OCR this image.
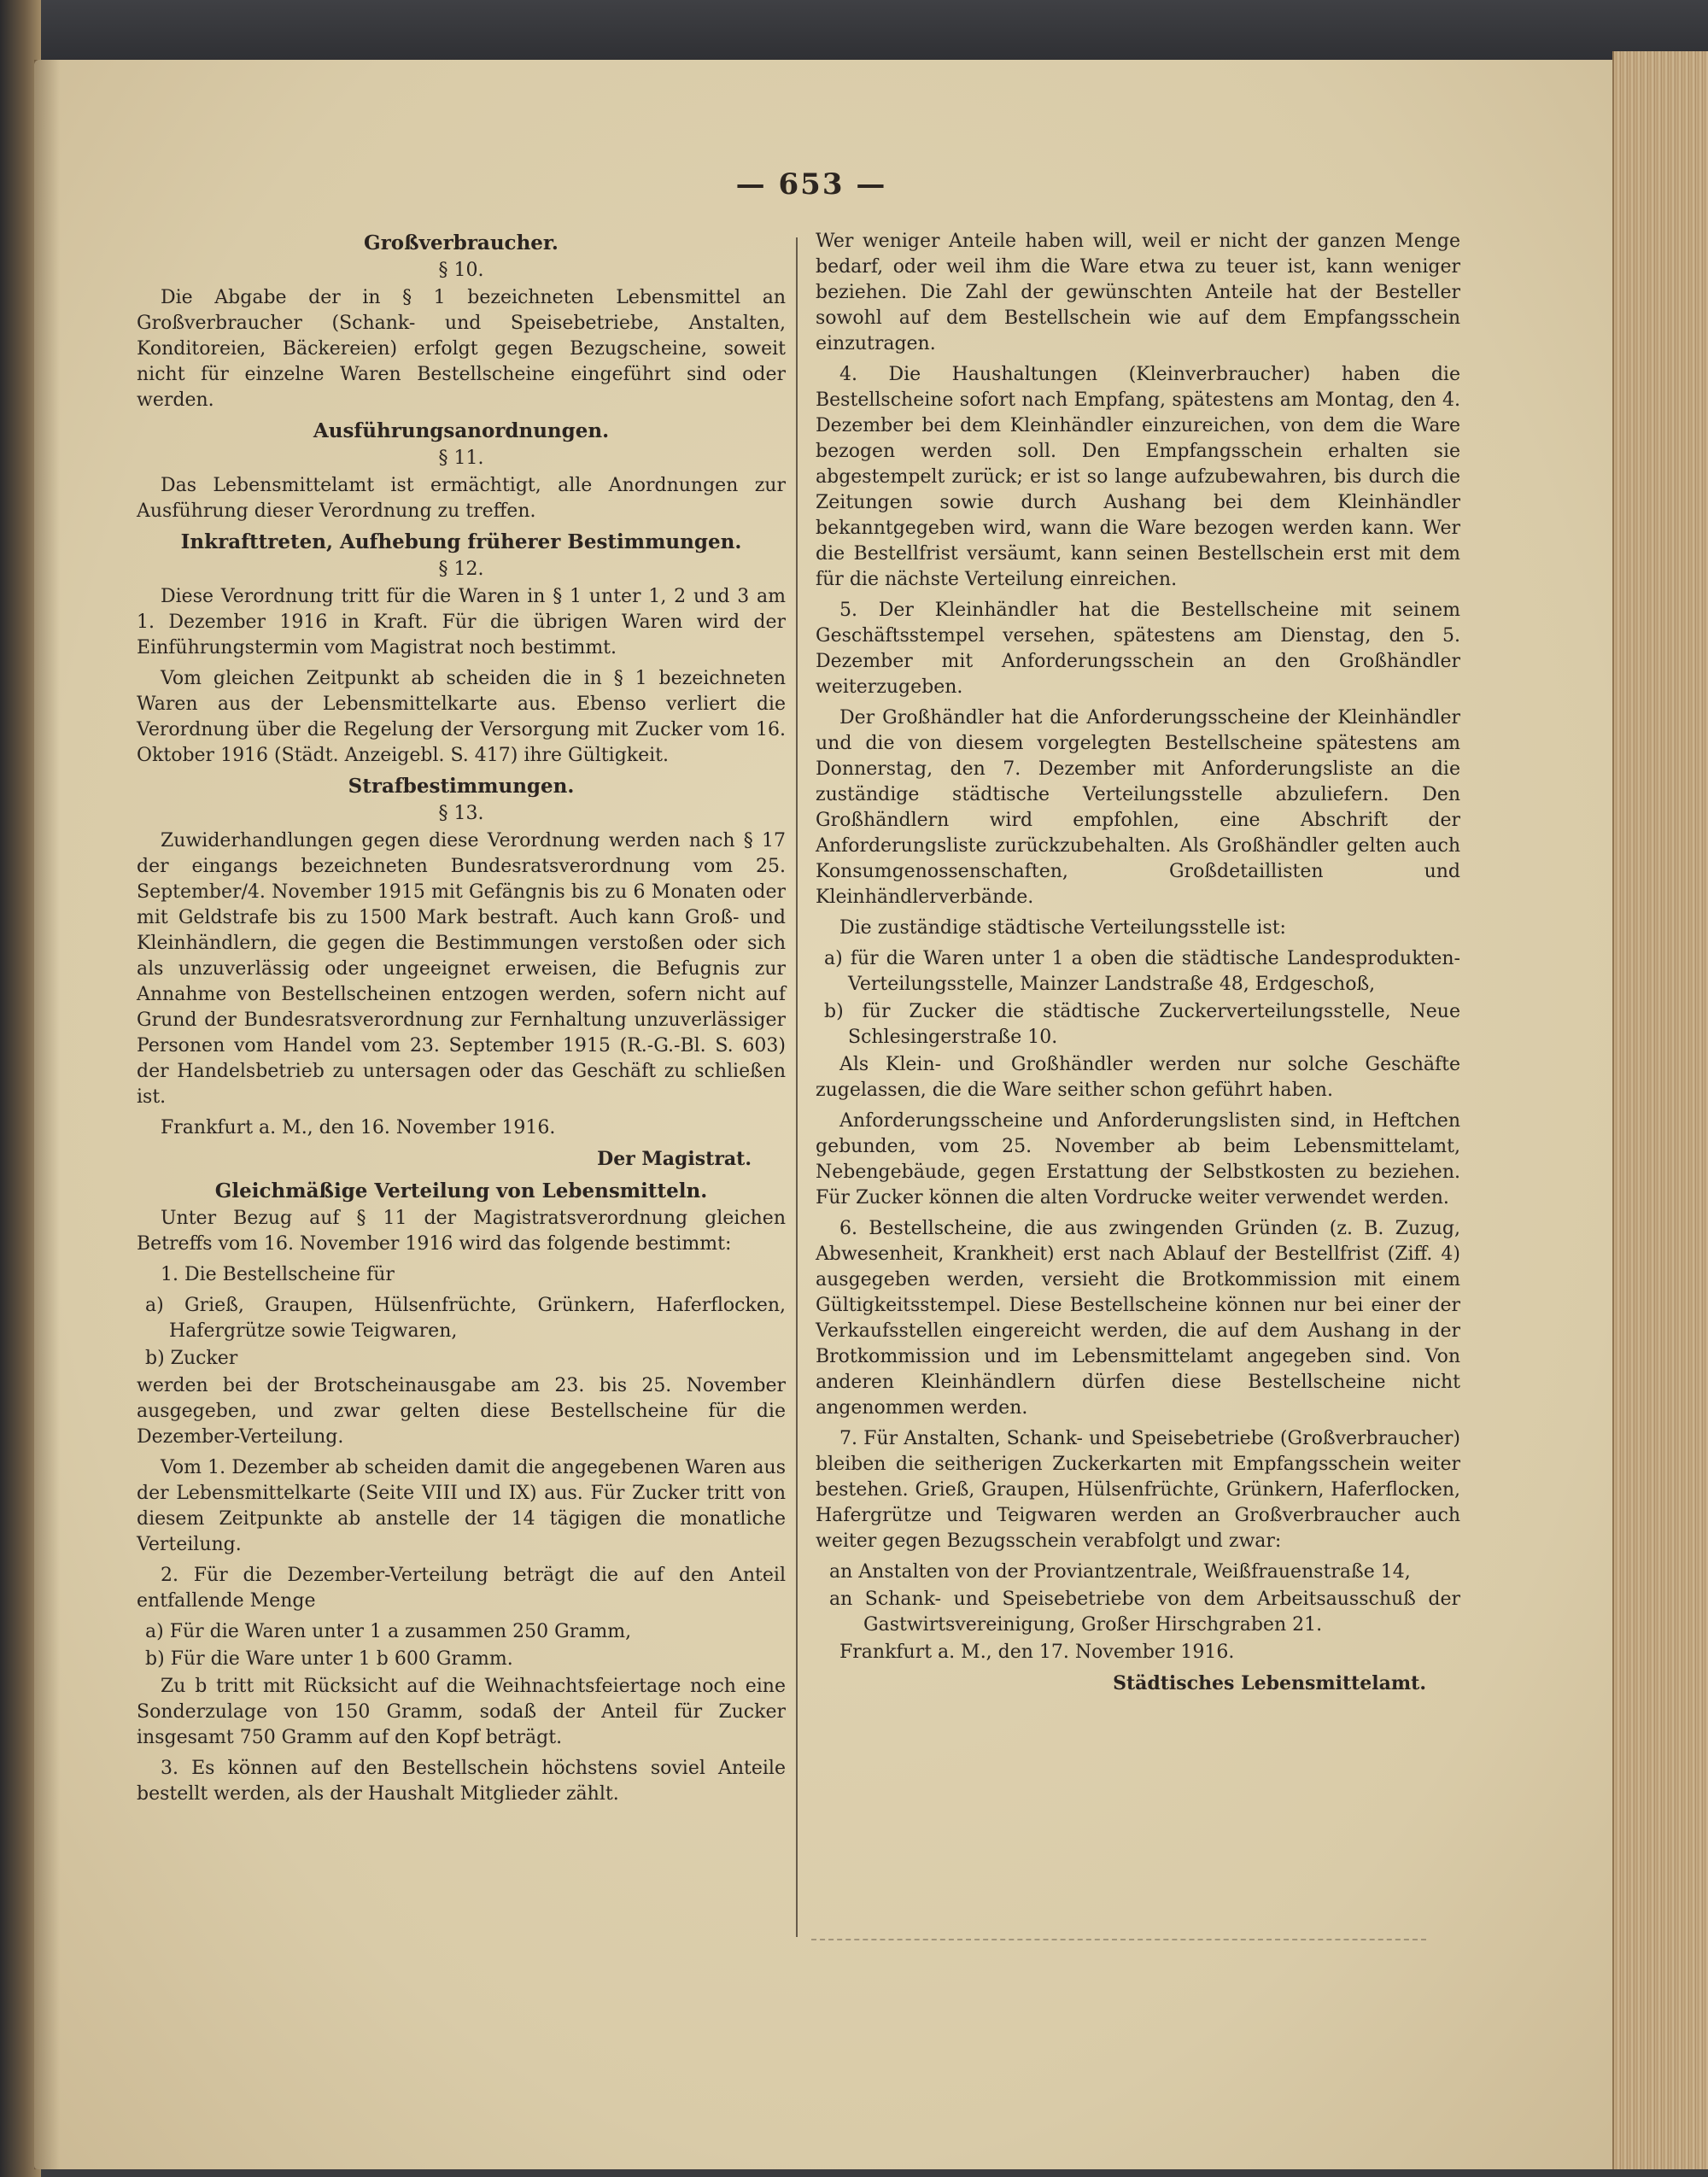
— 653 —
Großverbraucher.
§ 10.

Die Abgabe der in § 1 bezeichneten Lebensmittel an Großverbraucher (Schank- und Speisebetriebe, Anstalten, Konditoreien, Bäckereien) erfolgt gegen Bezugscheine, soweit nicht für einzelne Waren Bestellscheine eingeführt sind oder werden.

Ausführungsanordnungen.
§ 11.

Das Lebensmittelamt ist ermächtigt, alle Anordnungen zur Ausführung dieser Verordnung zu treffen.

Inkrafttreten, Aufhebung früherer Bestimmungen.
§ 12.

Diese Verordnung tritt für die Waren in § 1 unter 1, 2 und 3 am 1. Dezember 1916 in Kraft. Für die übrigen Waren wird der Einführungstermin vom Magistrat noch bestimmt.

Vom gleichen Zeitpunkt ab scheiden die in § 1 bezeichneten Waren aus der Lebensmittelkarte aus. Ebenso verliert die Verordnung über die Regelung der Versorgung mit Zucker vom 16. Oktober 1916 (Städt. Anzeigebl. S. 417) ihre Gültigkeit.

Strafbestimmungen.
§ 13.

Zuwiderhandlungen gegen diese Verordnung werden nach § 17 der eingangs bezeichneten Bundesratsverordnung vom 25. September/4. November 1915 mit Gefängnis bis zu 6 Monaten oder mit Geldstrafe bis zu 1500 Mark bestraft. Auch kann Groß- und Kleinhändlern, die gegen die Bestimmungen verstoßen oder sich als unzuverlässig oder ungeeignet erweisen, die Befugnis zur Annahme von Bestellscheinen entzogen werden, sofern nicht auf Grund der Bundesratsverordnung zur Fernhaltung unzuverlässiger Personen vom Handel vom 23. September 1915 (R.-G.-Bl. S. 603) der Handelsbetrieb zu untersagen oder das Geschäft zu schließen ist.

Frankfurt a. M., den 16. November 1916.

Der Magistrat.

Gleichmäßige Verteilung von Lebensmitteln.

Unter Bezug auf § 11 der Magistratsverordnung gleichen Betreffs vom 16. November 1916 wird das folgende bestimmt:

1. Die Bestellscheine für

a) Grieß, Graupen, Hülsenfrüchte, Grünkern, Haferflocken, Hafergrütze sowie Teigwaren,

b) Zucker

werden bei der Brotscheinausgabe am 23. bis 25. November ausgegeben, und zwar gelten diese Bestellscheine für die Dezember-Verteilung.

Vom 1. Dezember ab scheiden damit die angegebenen Waren aus der Lebensmittelkarte (Seite VIII und IX) aus. Für Zucker tritt von diesem Zeitpunkte ab anstelle der 14 tägigen die monatliche Verteilung.

2. Für die Dezember-Verteilung beträgt die auf den Anteil entfallende Menge

a) Für die Waren unter 1 a zusammen 250 Gramm,

b) Für die Ware unter 1 b 600 Gramm.

Zu b tritt mit Rücksicht auf die Weihnachtsfeiertage noch eine Sonderzulage von 150 Gramm, sodaß der Anteil für Zucker insgesamt 750 Gramm auf den Kopf beträgt.

3. Es können auf den Bestellschein höchstens soviel Anteile bestellt werden, als der Haushalt Mitglieder zählt.

Wer weniger Anteile haben will, weil er nicht der ganzen Menge bedarf, oder weil ihm die Ware etwa zu teuer ist, kann weniger beziehen. Die Zahl der gewünschten Anteile hat der Besteller sowohl auf dem Bestellschein wie auf dem Empfangsschein einzutragen.

4. Die Haushaltungen (Kleinverbraucher) haben die Bestellscheine sofort nach Empfang, spätestens am Montag, den 4. Dezember bei dem Kleinhändler einzureichen, von dem die Ware bezogen werden soll. Den Empfangsschein erhalten sie abgestempelt zurück; er ist so lange aufzubewahren, bis durch die Zeitungen sowie durch Aushang bei dem Kleinhändler bekanntgegeben wird, wann die Ware bezogen werden kann. Wer die Bestellfrist versäumt, kann seinen Bestellschein erst mit dem für die nächste Verteilung einreichen.

5. Der Kleinhändler hat die Bestellscheine mit seinem Geschäftsstempel versehen, spätestens am Dienstag, den 5. Dezember mit Anforderungsschein an den Großhändler weiterzugeben.

Der Großhändler hat die Anforderungsscheine der Kleinhändler und die von diesem vorgelegten Bestellscheine spätestens am Donnerstag, den 7. Dezember mit Anforderungsliste an die zuständige städtische Verteilungsstelle abzuliefern. Den Großhändlern wird empfohlen, eine Abschrift der Anforderungsliste zurückzubehalten. Als Großhändler gelten auch Konsumgenossenschaften, Großdetaillisten und Kleinhändlerverbände.

Die zuständige städtische Verteilungsstelle ist:

a) für die Waren unter 1 a oben die städtische Landesprodukten-Verteilungsstelle, Mainzer Landstraße 48, Erdgeschoß,

b) für Zucker die städtische Zuckerverteilungsstelle, Neue Schlesingerstraße 10.

Als Klein- und Großhändler werden nur solche Geschäfte zugelassen, die die Ware seither schon geführt haben.

Anforderungsscheine und Anforderungslisten sind, in Heftchen gebunden, vom 25. November ab beim Lebensmittelamt, Nebengebäude, gegen Erstattung der Selbstkosten zu beziehen. Für Zucker können die alten Vordrucke weiter verwendet werden.

6. Bestellscheine, die aus zwingenden Gründen (z. B. Zuzug, Abwesenheit, Krankheit) erst nach Ablauf der Bestellfrist (Ziff. 4) ausgegeben werden, versieht die Brotkommission mit einem Gültigkeitsstempel. Diese Bestellscheine können nur bei einer der Verkaufsstellen eingereicht werden, die auf dem Aushang in der Brotkommission und im Lebensmittelamt angegeben sind. Von anderen Kleinhändlern dürfen diese Bestellscheine nicht angenommen werden.

7. Für Anstalten, Schank- und Speisebetriebe (Großverbraucher) bleiben die seitherigen Zuckerkarten mit Empfangsschein weiter bestehen. Grieß, Graupen, Hülsenfrüchte, Grünkern, Haferflocken, Hafergrütze und Teigwaren werden an Großverbraucher auch weiter gegen Bezugsschein verabfolgt und zwar:

an Anstalten von der Proviantzentrale, Weißfrauenstraße 14,

an Schank- und Speisebetriebe von dem Arbeitsausschuß der Gastwirtsvereinigung, Großer Hirschgraben 21.

Frankfurt a. M., den 17. November 1916.

Städtisches Lebensmittelamt.
